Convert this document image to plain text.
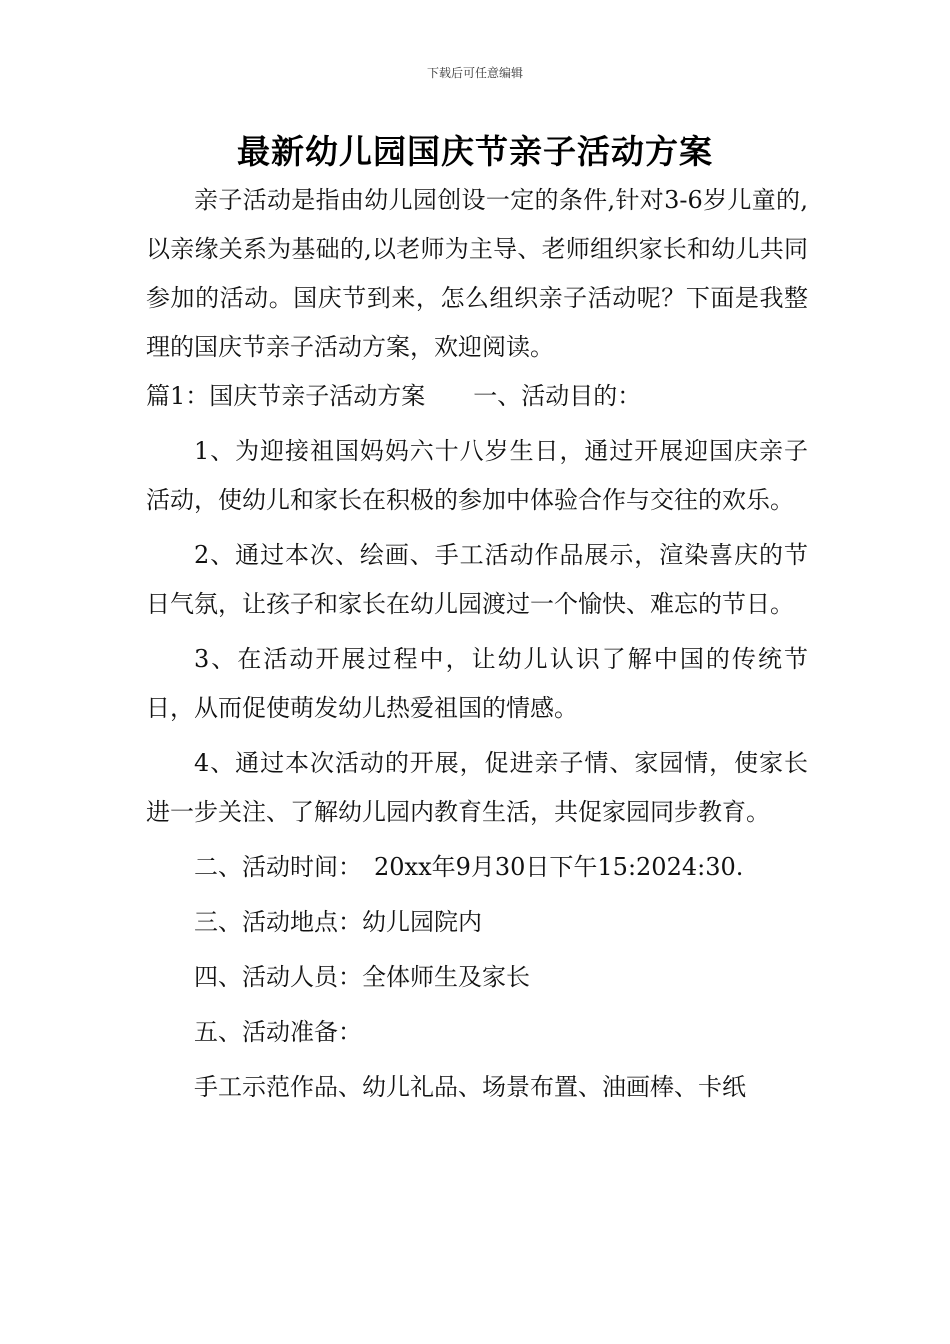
下载后可任意编辑
最新幼儿园国庆节亲子活动方案

亲子活动是指由幼儿园创设一定的条件,针对3-6岁儿童的,以亲缘关系为基础的,以老师为主导、老师组织家长和幼儿共同参加的活动。国庆节到来，怎么组织亲子活动呢？下面是我整理的国庆节亲子活动方案，欢迎阅读。

篇1：国庆节亲子活动方案　　一、活动目的：

1、为迎接祖国妈妈六十八岁生日，通过开展迎国庆亲子活动，使幼儿和家长在积极的参加中体验合作与交往的欢乐。

2、通过本次、绘画、手工活动作品展示，渲染喜庆的节日气氛，让孩子和家长在幼儿园渡过一个愉快、难忘的节日。

3、在活动开展过程中，让幼儿认识了解中国的传统节日，从而促使萌发幼儿热爱祖国的情感。

4、通过本次活动的开展，促进亲子情、家园情，使家长进一步关注、了解幼儿园内教育生活，共促家园同步教育。

二、活动时间：　20xx年9月30日下午15:2024:30.

三、活动地点：幼儿园院内

四、活动人员：全体师生及家长

五、活动准备：

手工示范作品、幼儿礼品、场景布置、油画棒、卡纸
